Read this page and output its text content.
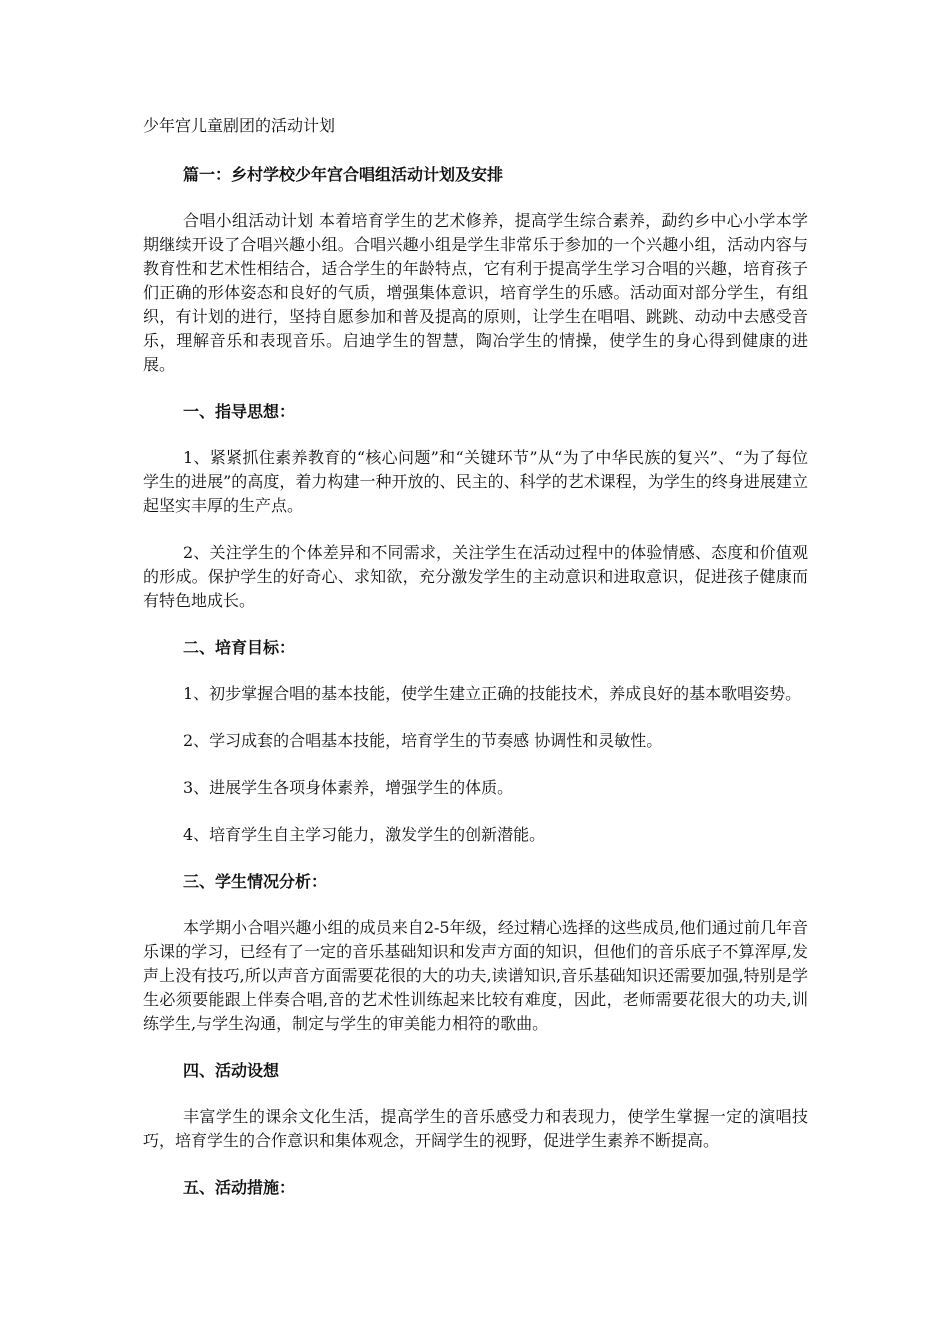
少年宫儿童剧团的活动计划
篇一：乡村学校少年宫合唱组活动计划及安排

合唱小组活动计划 本着培育学生的艺术修养，提高学生综合素养，勐约乡中心小学本学期继续开设了合唱兴趣小组。合唱兴趣小组是学生非常乐于参加的一个兴趣小组，活动内容与教育性和艺术性相结合，适合学生的年龄特点，它有利于提高学生学习合唱的兴趣，培育孩子们正确的形体姿态和良好的气质，增强集体意识，培育学生的乐感。活动面对部分学生，有组织，有计划的进行，坚持自愿参加和普及提高的原则，让学生在唱唱、跳跳、动动中去感受音乐，理解音乐和表现音乐。启迪学生的智慧，陶冶学生的情操，使学生的身心得到健康的进展。

一、指导思想：

1、紧紧抓住素养教育的“核心问题”和“关键环节”从“为了中华民族的复兴”、“为了每位学生的进展”的高度，着力构建一种开放的、民主的、科学的艺术课程，为学生的终身进展建立起坚实丰厚的生产点。

2、关注学生的个体差异和不同需求，关注学生在活动过程中的体验情感、态度和价值观的形成。保护学生的好奇心、求知欲，充分激发学生的主动意识和进取意识，促进孩子健康而有特色地成长。

二、培育目标：

1、初步掌握合唱的基本技能，使学生建立正确的技能技术，养成良好的基本歌唱姿势。

2、学习成套的合唱基本技能，培育学生的节奏感 协调性和灵敏性。

3、进展学生各项身体素养，增强学生的体质。

4、培育学生自主学习能力，激发学生的创新潜能。

三、学生情况分析：

本学期小合唱兴趣小组的成员来自2-5年级，经过精心选择的这些成员,他们通过前几年音乐课的学习，已经有了一定的音乐基础知识和发声方面的知识，但他们的音乐底子不算浑厚,发声上没有技巧,所以声音方面需要花很的大的功夫,读谱知识,音乐基础知识还需要加强,特别是学生必须要能跟上伴奏合唱,音的艺术性训练起来比较有难度，因此，老师需要花很大的功夫,训练学生,与学生沟通，制定与学生的审美能力相符的歌曲。

四、活动设想

丰富学生的课余文化生活，提高学生的音乐感受力和表现力，使学生掌握一定的演唱技巧，培育学生的合作意识和集体观念，开阔学生的视野，促进学生素养不断提高。

五、活动措施：
